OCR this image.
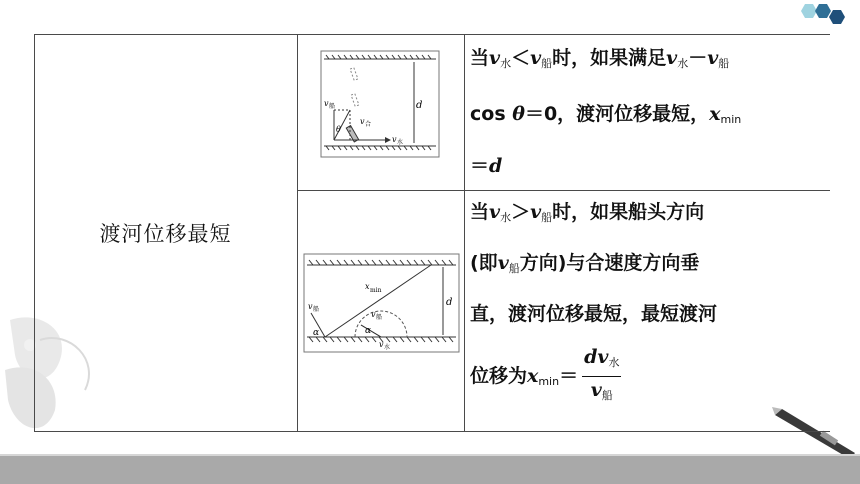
渡河位移最短
d
v 船
v 合
θ
v 水
d
x min
v 船
v 船
α	α
v 水
当$v_水<v_船$时，如果满足$v_水-v_船$
cos θ＝0，渡河位移最短，$x_{min}$
＝d
当$v_水>v_船$时，如果船头方向
(即$v_船$方向)与合速度方向垂
直，渡河位移最短，最短渡河
位移为$x_{min}= \frac{dv_水}{v_船}$
